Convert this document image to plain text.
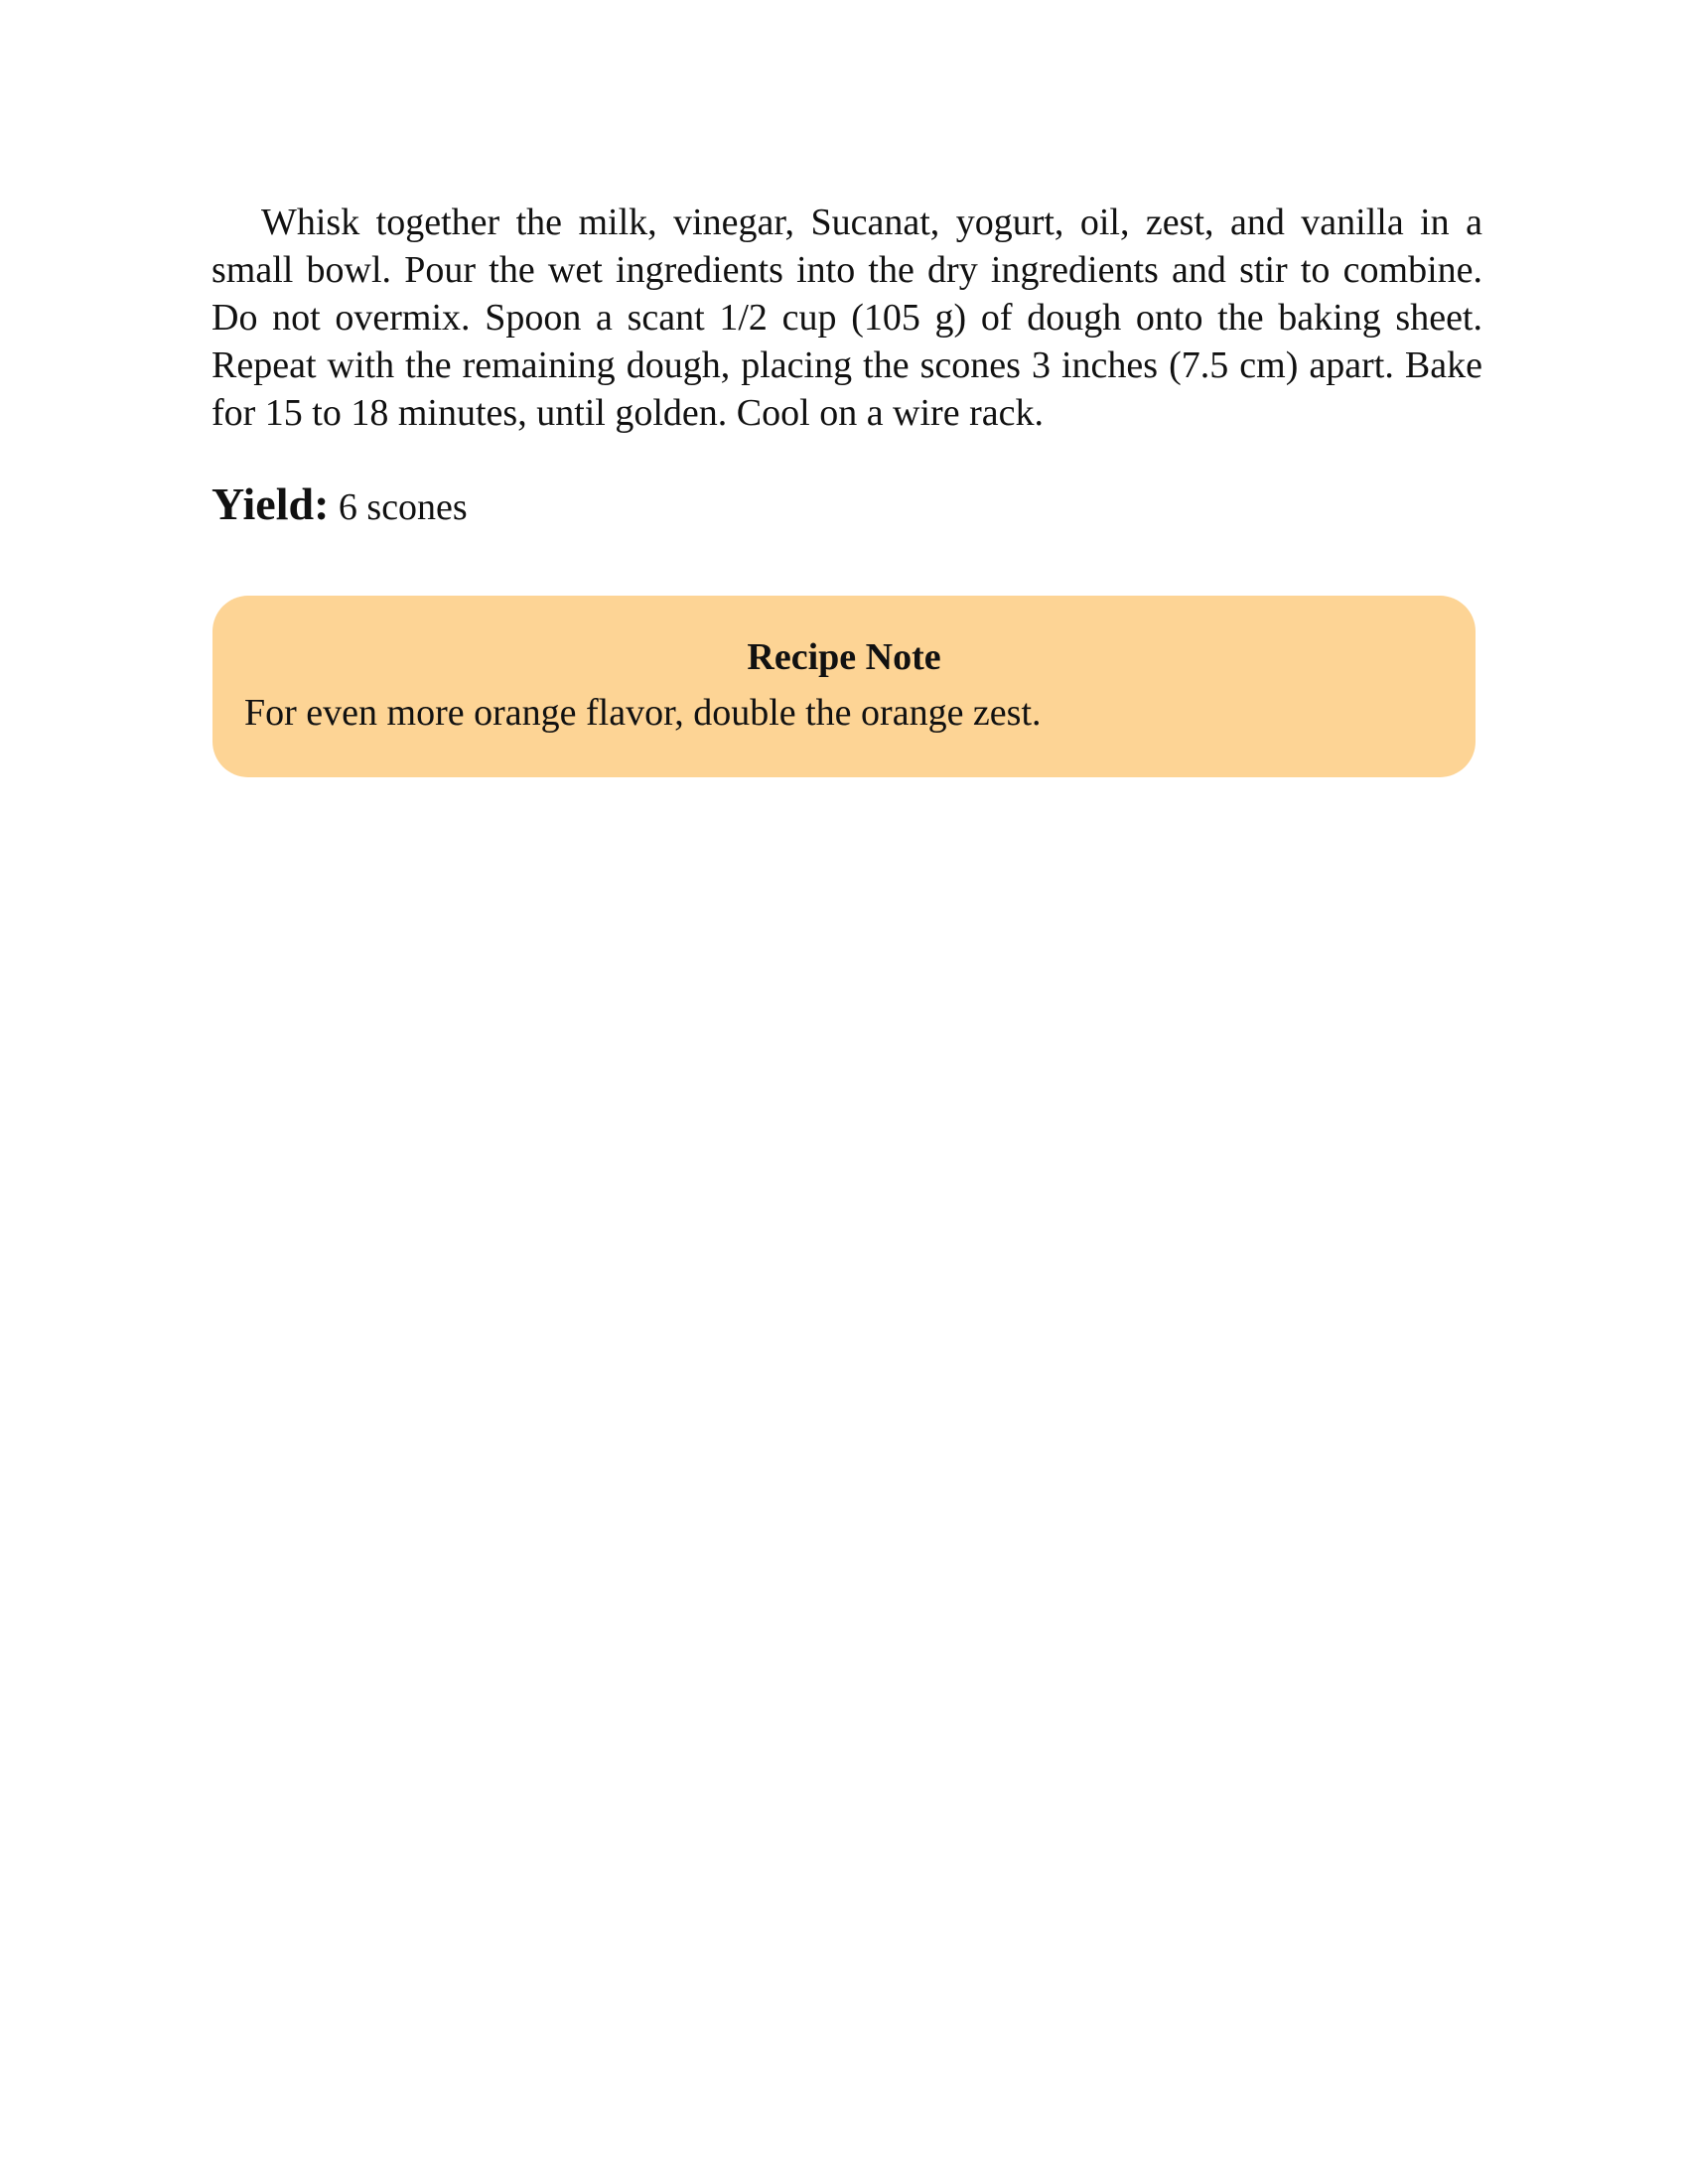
Whisk together the milk, vinegar, Sucanat, yogurt, oil, zest, and vanilla in a small bowl. Pour the wet ingredients into the dry ingredients and stir to combine. Do not overmix. Spoon a scant 1/2 cup (105 g) of dough onto the baking sheet. Repeat with the remaining dough, placing the scones 3 inches (7.5 cm) apart. Bake for 15 to 18 minutes, until golden. Cool on a wire rack.

Yield: 6 scones

Recipe Note

For even more orange flavor, double the orange zest.
